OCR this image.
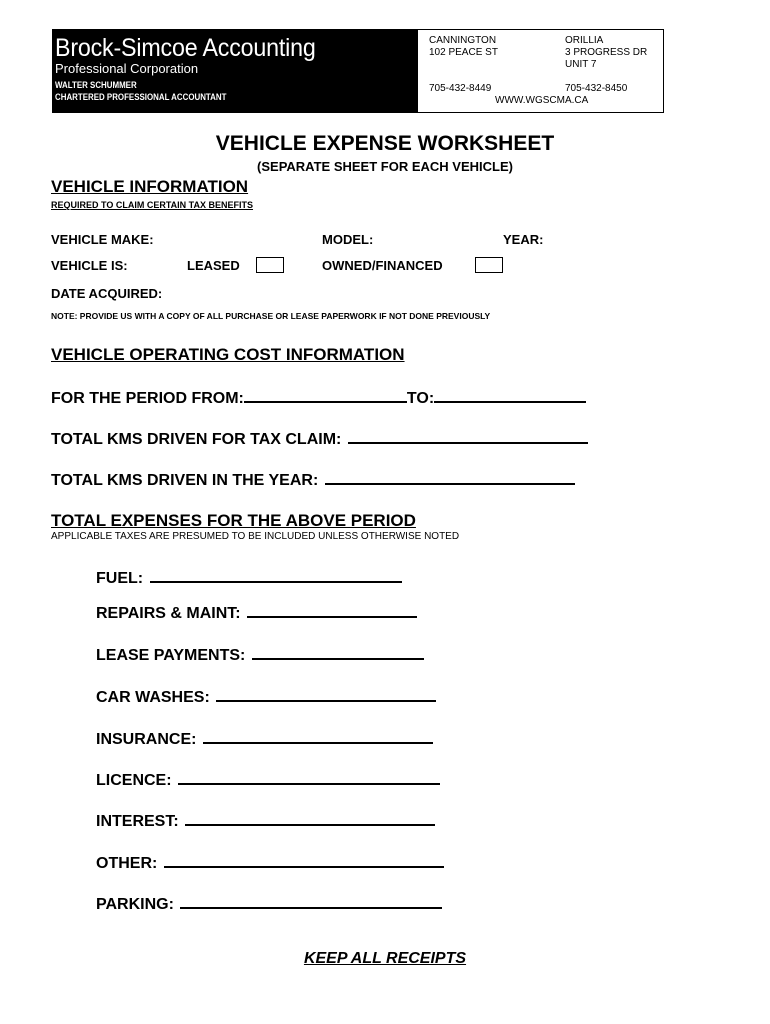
Brock-Simcoe Accounting
Professional Corporation
WALTER SCHUMMER
CHARTERED PROFESSIONAL ACCOUNTANT
CANNINGTON
102 PEACE ST
ORILLIA
3 PROGRESS DR
UNIT 7
705-432-8449	705-432-8450
WWW.WGSCMA.CA
VEHICLE EXPENSE WORKSHEET
(SEPARATE SHEET FOR EACH VEHICLE)
VEHICLE INFORMATION
REQUIRED TO CLAIM CERTAIN TAX BENEFITS
VEHICLE MAKE:	MODEL:	YEAR:
VEHICLE IS:	LEASED	OWNED/FINANCED
DATE ACQUIRED:
NOTE: PROVIDE US WITH A COPY OF ALL PURCHASE OR LEASE PAPERWORK IF NOT DONE PREVIOUSLY
VEHICLE OPERATING COST INFORMATION
FOR THE PERIOD FROM:	TO:
TOTAL KMS DRIVEN FOR TAX CLAIM:
TOTAL KMS DRIVEN IN THE YEAR:
TOTAL EXPENSES FOR THE ABOVE PERIOD
APPLICABLE TAXES ARE PRESUMED TO BE INCLUDED UNLESS OTHERWISE NOTED
FUEL:
REPAIRS & MAINT:
LEASE PAYMENTS:
CAR WASHES:
INSURANCE:
LICENCE:
INTEREST:
OTHER:
PARKING:
KEEP ALL RECEIPTS
